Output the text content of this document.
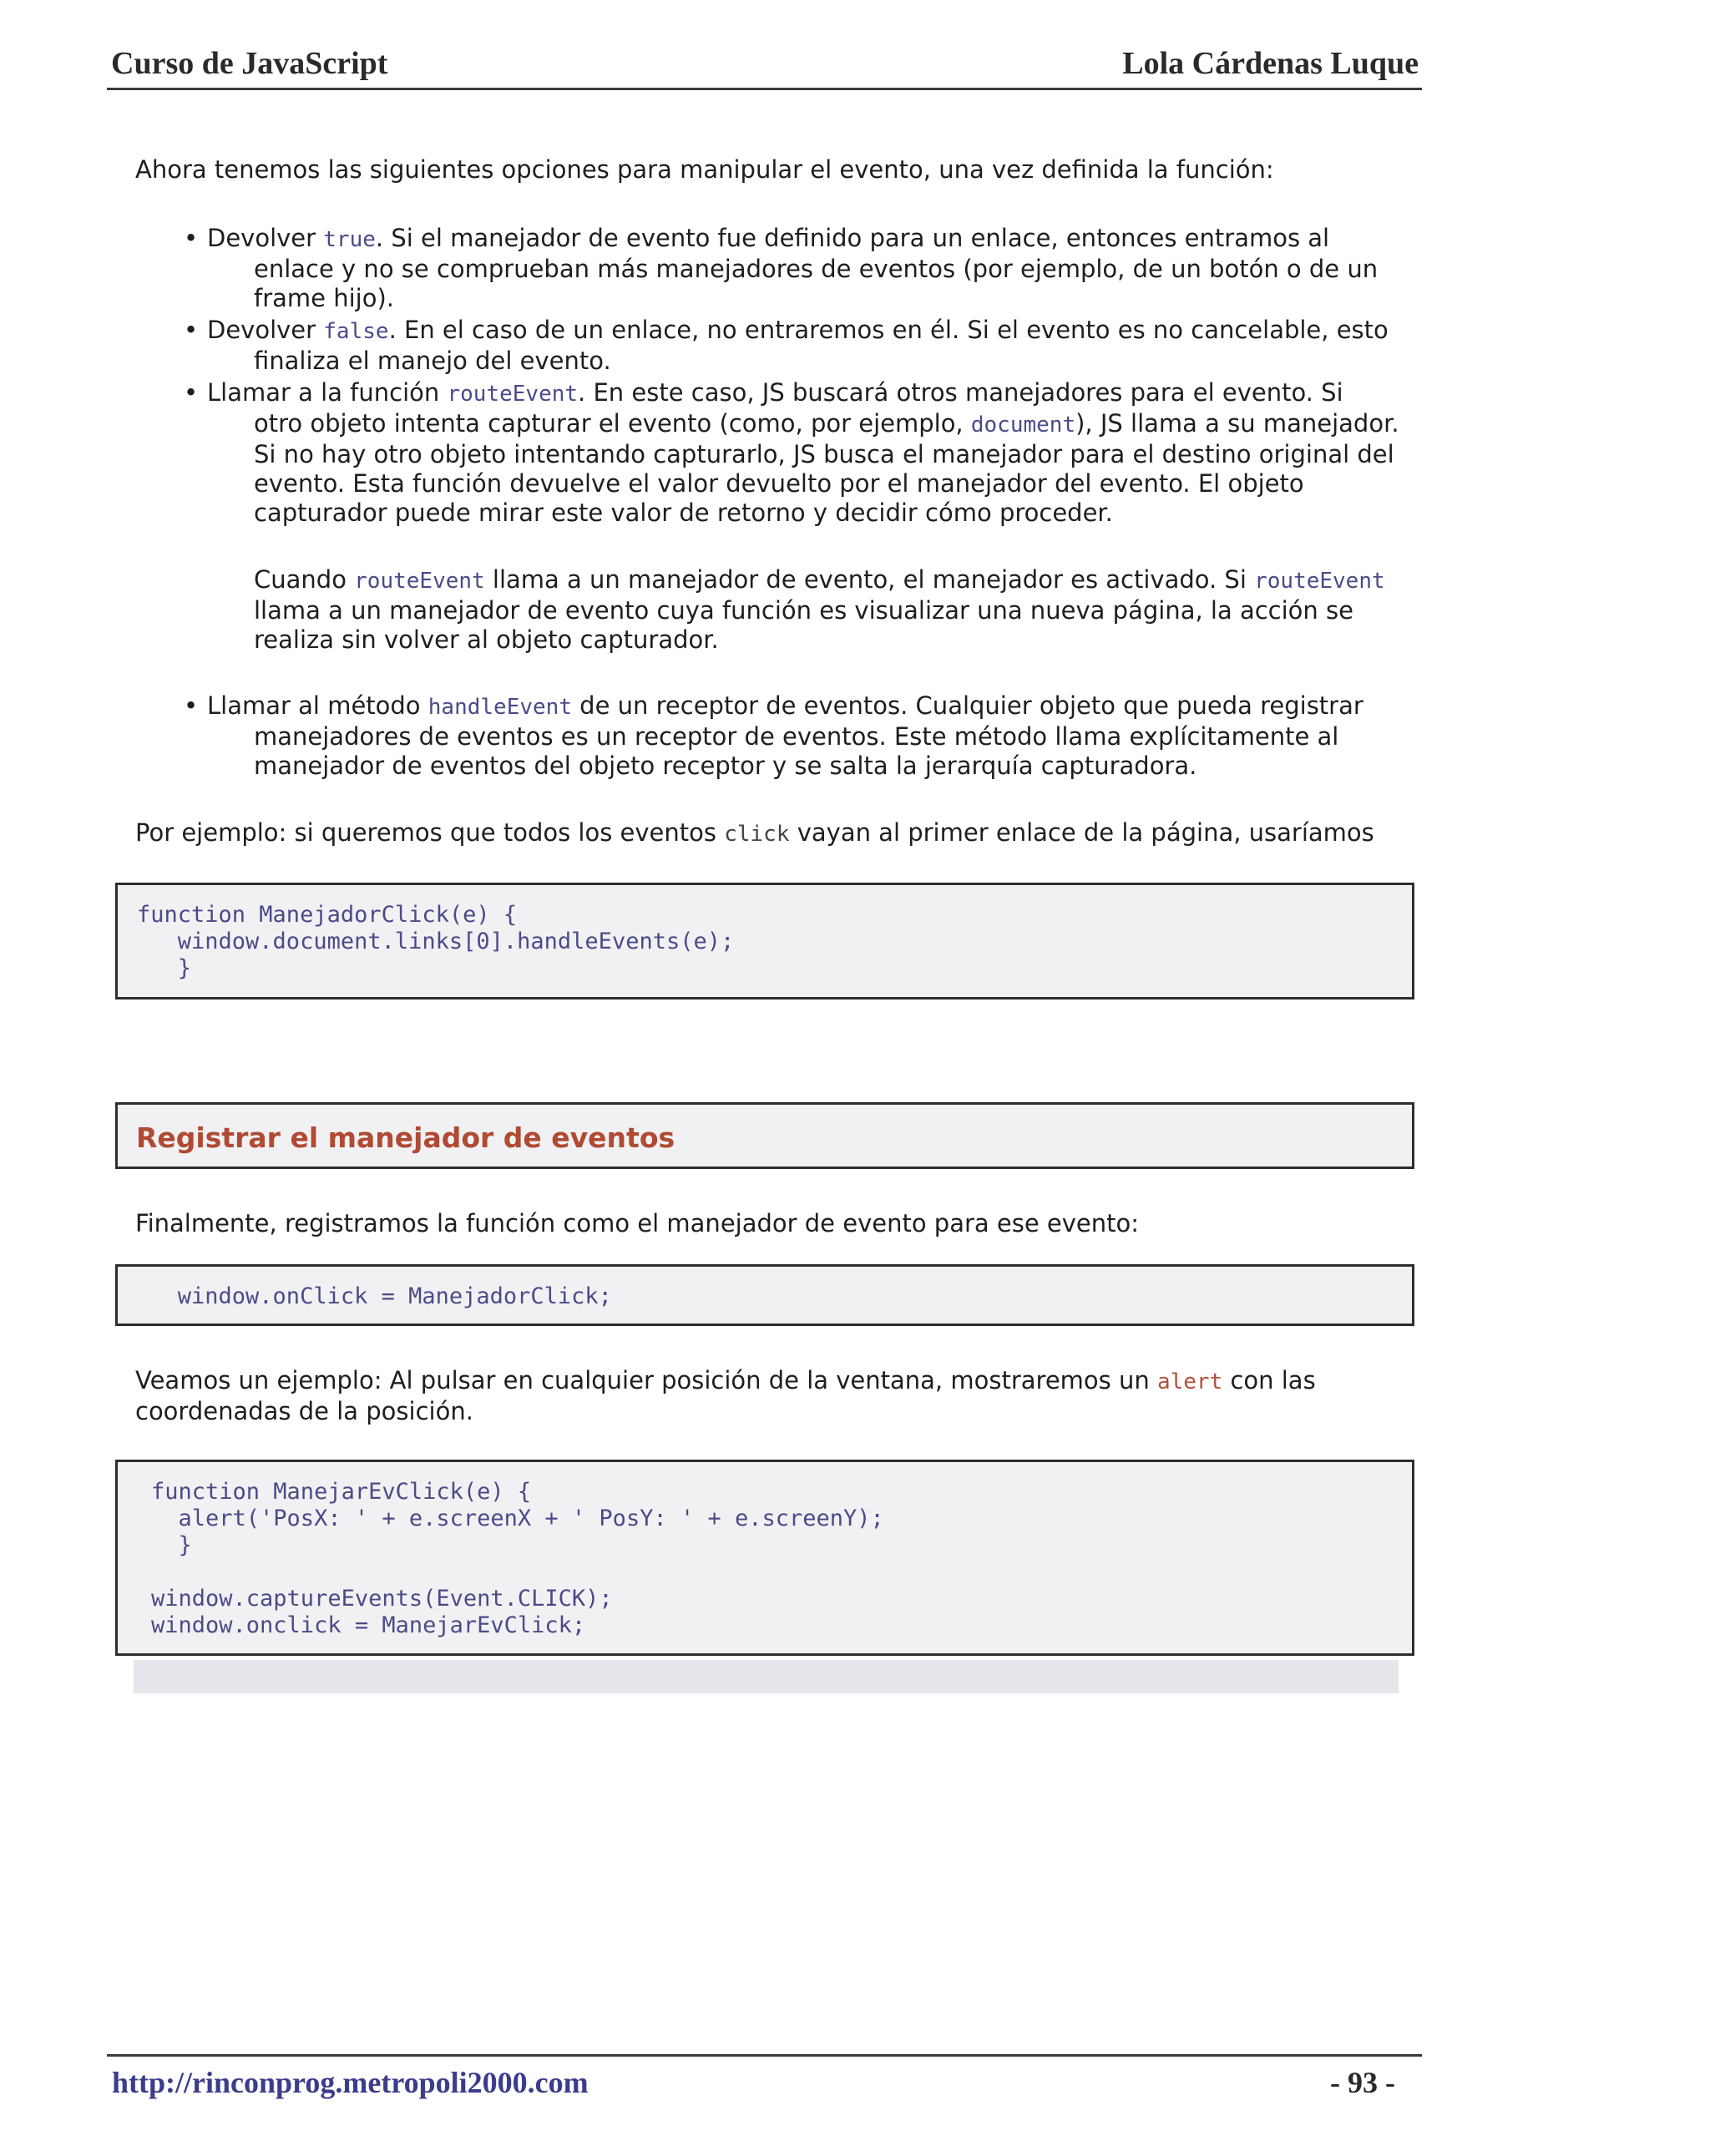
Curso de JavaScript	Lola Cárdenas Luque
Ahora tenemos las siguientes opciones para manipular el evento, una vez definida la función:
• Devolver true. Si el manejador de evento fue definido para un enlace, entonces entramos al
enlace y no se comprueban más manejadores de eventos (por ejemplo, de un botón o de un
frame hijo).
• Devolver false. En el caso de un enlace, no entraremos en él. Si el evento es no cancelable, esto
finaliza el manejo del evento.
• Llamar a la función routeEvent. En este caso, JS buscará otros manejadores para el evento. Si
otro objeto intenta capturar el evento (como, por ejemplo, document), JS llama a su manejador.
Si no hay otro objeto intentando capturarlo, JS busca el manejador para el destino original del
evento. Esta función devuelve el valor devuelto por el manejador del evento. El objeto
capturador puede mirar este valor de retorno y decidir cómo proceder.
Cuando routeEvent llama a un manejador de evento, el manejador es activado. Si routeEvent
llama a un manejador de evento cuya función es visualizar una nueva página, la acción se
realiza sin volver al objeto capturador.
• Llamar al método handleEvent de un receptor de eventos. Cualquier objeto que pueda registrar
manejadores de eventos es un receptor de eventos. Este método llama explícitamente al
manejador de eventos del objeto receptor y se salta la jerarquía capturadora.
Por ejemplo: si queremos que todos los eventos click vayan al primer enlace de la página, usaríamos
function ManejadorClick(e) {
window.document.links[0].handleEvents(e);
}
Registrar el manejador de eventos
Finalmente, registramos la función como el manejador de evento para ese evento:
window.onClick = ManejadorClick;
Veamos un ejemplo: Al pulsar en cualquier posición de la ventana, mostraremos un alert con las
coordenadas de la posición.
function ManejarEvClick(e) {
alert('PosX: ' + e.screenX + ' PosY: ' + e.screenY);
}

window.captureEvents(Event.CLICK);
window.onclick = ManejarEvClick;
http://rinconprog.metropoli2000.com	- 93 -
